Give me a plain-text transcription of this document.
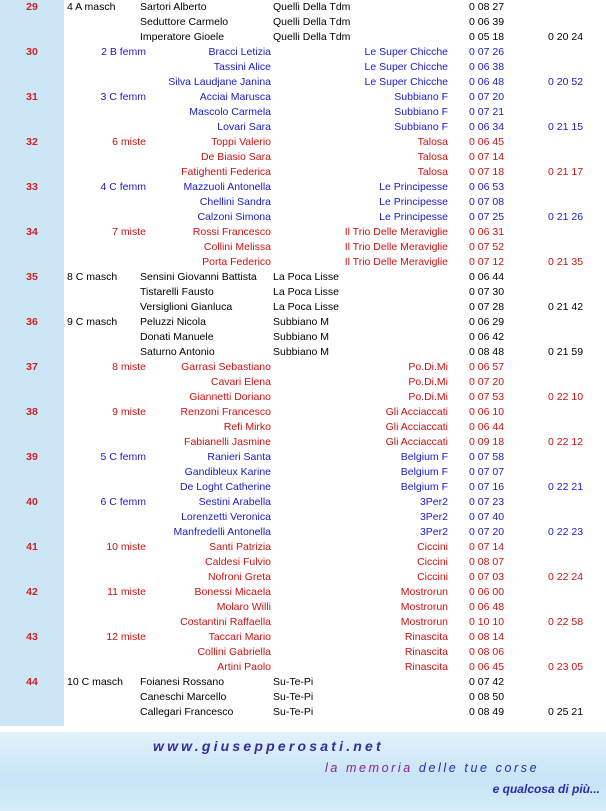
29	4 A masch	Sartori Alberto	Quelli Della Tdm	0 08 27
Seduttore Carmelo	Quelli Della Tdm	0 06 39
Imperatore Gioele	Quelli Della Tdm	0 05 18	0 20 24
30	2 B femm	Bracci Letizia	Le Super Chicche 0 07 26
Tassini Alice	Le Super Chicche 0 06 38
Silva Laudjane Janina	Le Super Chicche 0 06 48	0 20 52
31	3 C femm	Acciai Marusca	Subbiano F 0 07 20
Mascolo Carmela	Subbiano F 0 07 21
Lovari Sara	Subbiano F 0 06 34	0 21 15
32	6 miste	Toppi Valerio	Talosa 0 06 45
De Biasio Sara	Talosa 0 07 14
Fatighenti Federica	Talosa 0 07 18	0 21 17
33	4 C femm	Mazzuoli Antonella	Le Principesse 0 06 53
Chellini Sandra	Le Principesse 0 07 08
Calzoni Simona	Le Principesse 0 07 25	0 21 26
34	7 miste	Rossi Francesco	Il Trio Delle Meraviglie 0 06 31
Collini Melissa	Il Trio Delle Meraviglie 0 07 52
Porta Federico	Il Trio Delle Meraviglie 0 07 12	0 21 35
35	8 C masch	Sensini Giovanni Battista	La Poca Lisse	0 06 44
Tistarelli Fausto	La Poca Lisse	0 07 30
Versiglioni Gianluca	La Poca Lisse	0 07 28	0 21 42
36	9 C masch	Peluzzi Nicola	Subbiano M	0 06 29
Donati Manuele	Subbiano M	0 06 42
Saturno Antonio	Subbiano M	0 08 48	0 21 59
37	8 miste	Garrasi Sebastiano	Po.Di.Mi 0 06 57
Cavari Elena	Po.Di.Mi 0 07 20
Giannetti Doriano	Po.Di.Mi 0 07 53	0 22 10
38	9 miste	Renzoni Francesco	Gli Acciaccati 0 06 10
Refi Mirko	Gli Acciaccati 0 06 44
Fabianelli Jasmine	Gli Acciaccati 0 09 18	0 22 12
39	5 C femm	Ranieri Santa	Belgium F 0 07 58
Gandibleux Karine	Belgium F 0 07 07
De Loght Catherine	Belgium F 0 07 16	0 22 21
40	6 C femm	Sestini Arabella	3Per2 0 07 23
Lorenzetti Veronica	3Per2 0 07 40
Manfredelli Antonella	3Per2 0 07 20	0 22 23
41	10 miste	Santi Patrizia	Ciccini 0 07 14
Caldesi Fulvio	Ciccini 0 08 07
Nofroni Greta	Ciccini 0 07 03	0 22 24
42	11 miste	Bonessi Micaela	Mostrorun 0 06 00
Molaro Willi	Mostrorun 0 06 48
Costantini Raffaella	Mostrorun 0 10 10	0 22 58
43	12 miste	Taccari Mario	Rinascita 0 08 14
Collini Gabriella	Rinascita 0 08 06
Artini Paolo	Rinascita 0 06 45	0 23 05
44	10 C masch	Foianesi Rossano	Su-Te-Pi	0 07 42
Caneschi Marcello	Su-Te-Pi	0 08 50
Callegari Francesco	Su-Te-Pi	0 08 49	0 25 21
www.giusepperosati.net
la memoria delle tue corse
e qualcosa di più...
